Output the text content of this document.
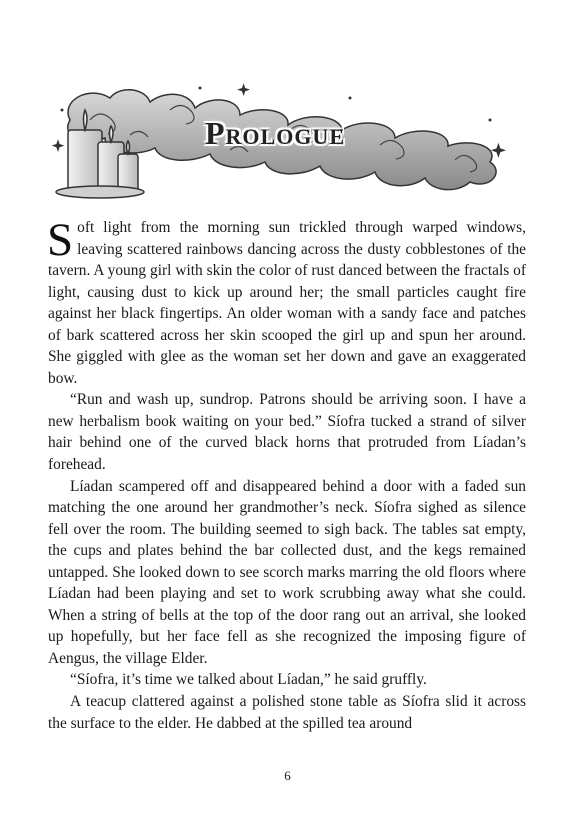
Prologue

Soft light from the morning sun trickled through warped windows, leaving scattered rainbows dancing across the dusty cobblestones of the tavern. A young girl with skin the color of rust danced between the fractals of light, causing dust to kick up around her; the small particles caught fire against her black fingertips. An older woman with a sandy face and patches of bark scattered across her skin scooped the girl up and spun her around. She giggled with glee as the woman set her down and gave an exaggerated bow.

“Run and wash up, sundrop. Patrons should be arriving soon. I have a new herbalism book waiting on your bed.” Síofra tucked a strand of silver hair behind one of the curved black horns that protruded from Líadan’s forehead.

Líadan scampered off and disappeared behind a door with a faded sun matching the one around her grandmother’s neck. Síofra sighed as silence fell over the room. The building seemed to sigh back. The tables sat empty, the cups and plates behind the bar collected dust, and the kegs remained untapped. She looked down to see scorch marks marring the old floors where Líadan had been playing and set to work scrubbing away what she could. When a string of bells at the top of the door rang out an arrival, she looked up hopefully, but her face fell as she recognized the imposing figure of Aengus, the village Elder.

“Síofra, it’s time we talked about Líadan,” he said gruffly.

A teacup clattered against a polished stone table as Síofra slid it across the surface to the elder. He dabbed at the spilled tea around

6
